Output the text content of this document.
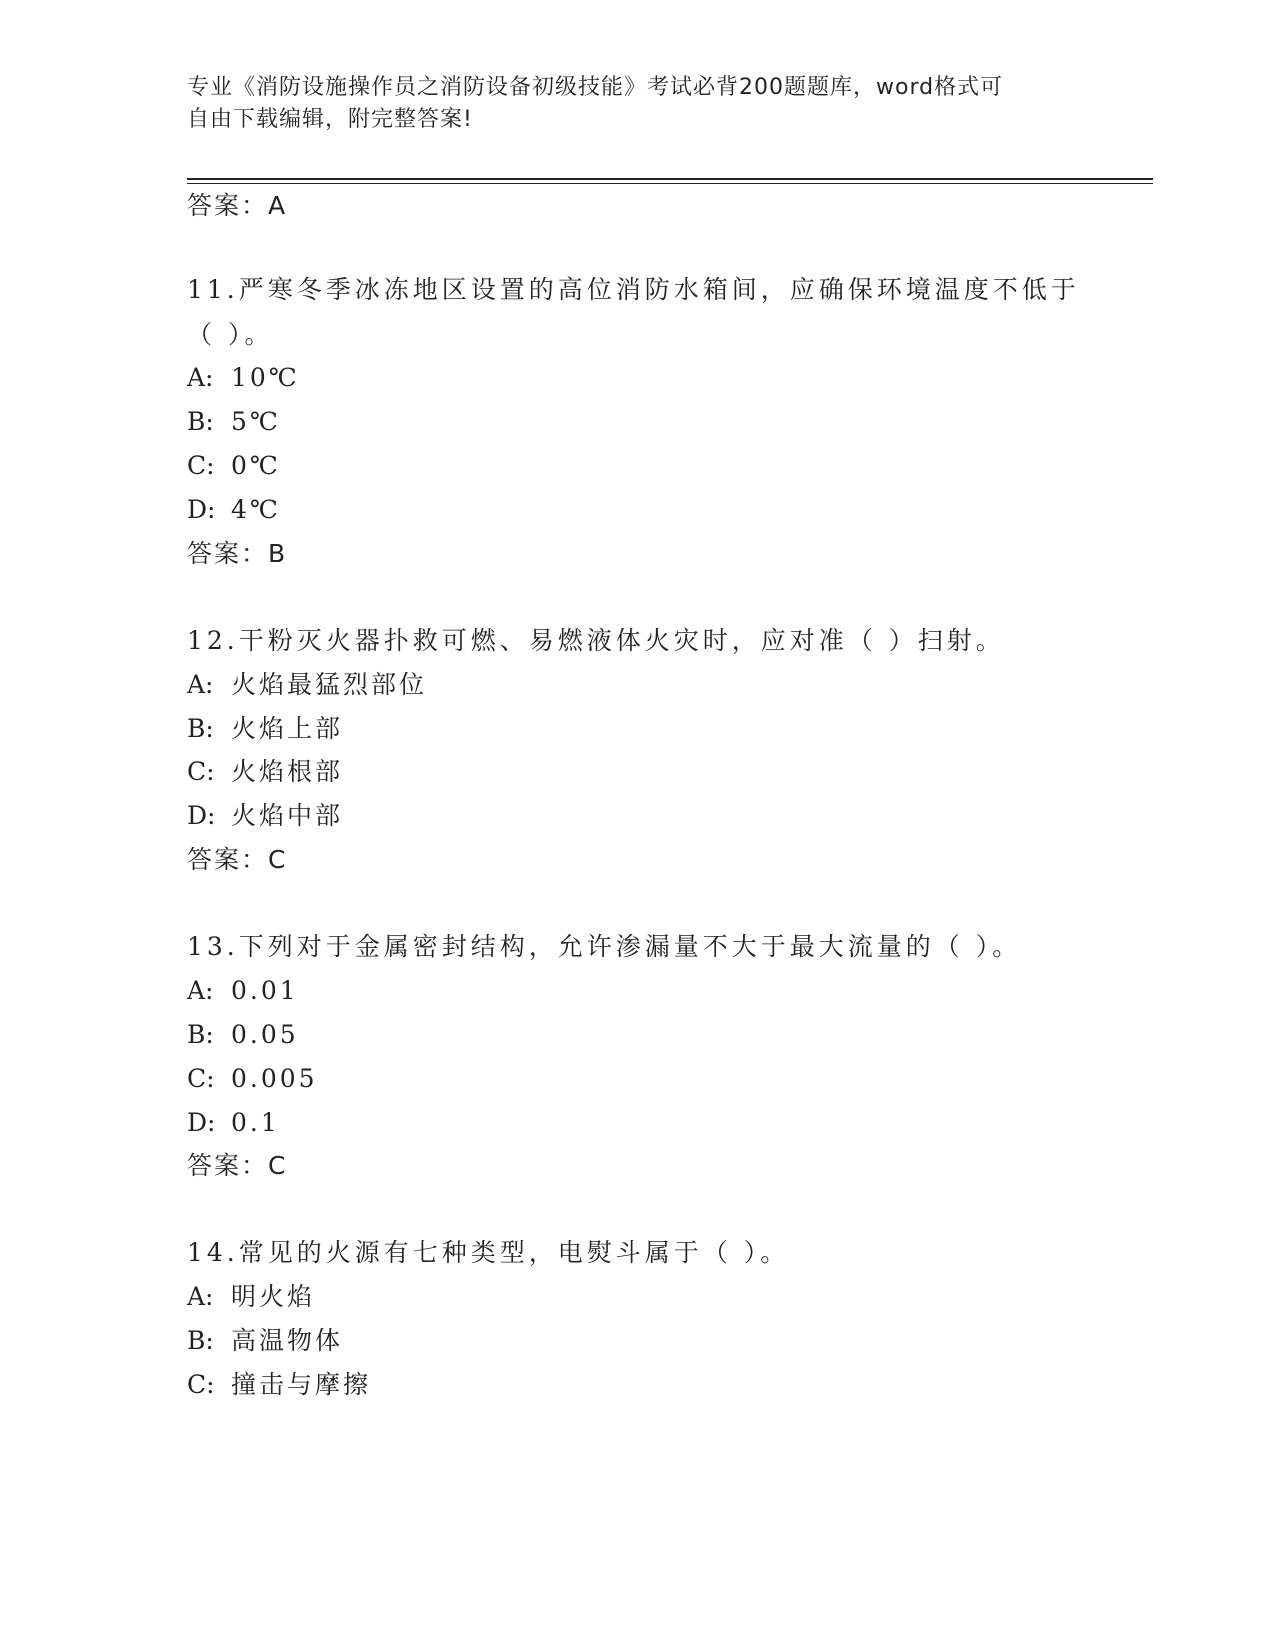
专业《消防设施操作员之消防设备初级技能》考试必背200题题库，word格式可
自由下载编辑，附完整答案!
答案：A
11.严寒冬季冰冻地区设置的高位消防水箱间，应确保环境温度不低于
（ ）。
A: 10℃
B: 5℃
C: 0℃
D: 4℃
答案：B
12.干粉灭火器扑救可燃、易燃液体火灾时，应对准（ ）扫射。
A: 火焰最猛烈部位
B: 火焰上部
C: 火焰根部
D: 火焰中部
答案：C
13.下列对于金属密封结构，允许渗漏量不大于最大流量的（ ）。
A: 0.01
B: 0.05
C: 0.005
D: 0.1
答案：C
14.常见的火源有七种类型，电熨斗属于（ ）。
A: 明火焰
B: 高温物体
C: 撞击与摩擦
